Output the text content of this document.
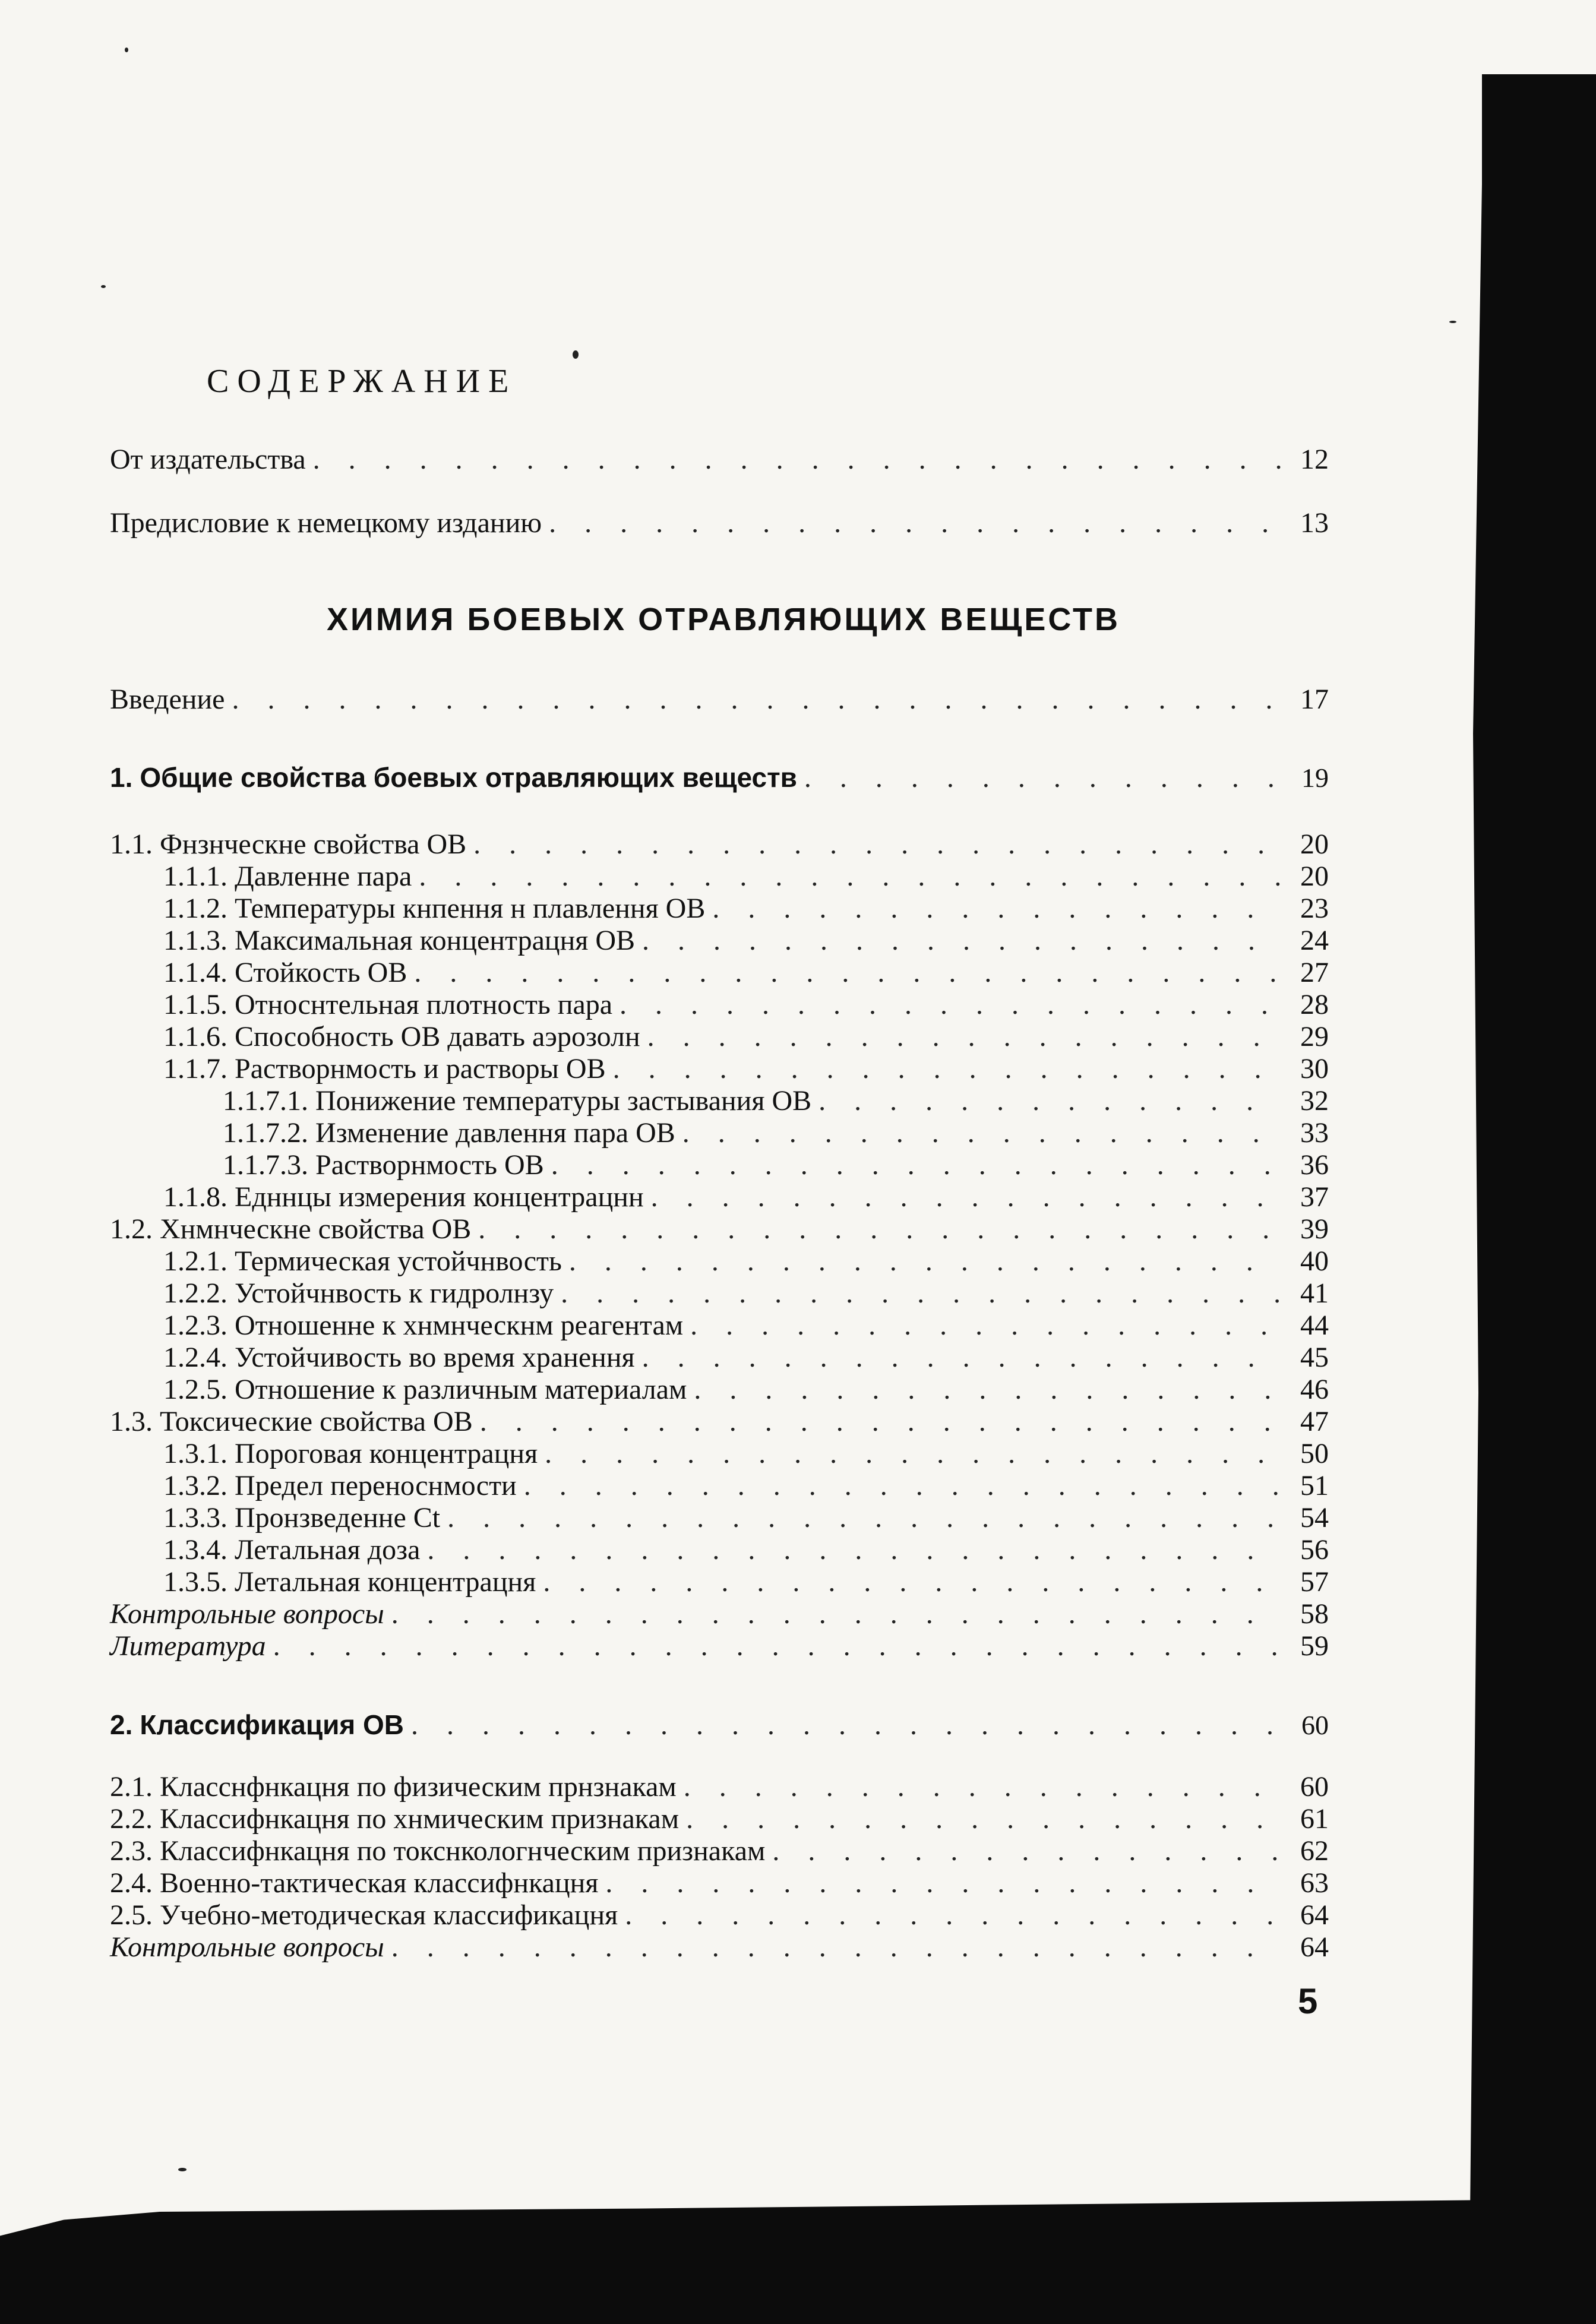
СОДЕРЖАНИЕ
ХИМИЯ БОЕВЫХ ОТРАВЛЯЮЩИХ ВЕЩЕСТВ
От издательства . . .	12
Предисловие к немецкому изданию . . .	13
Введение . . .	17
1. Общие свойства боевых отравляющих веществ . . .	19
1.1. Фнзнческне свойства ОВ . . .	20
1.1.1. Давленне пара . . .	20
1.1.2. Температуры кнпення н плавлення ОВ . . .	23
1.1.3. Максимальная концентрацня ОВ . . .	24
1.1.4. Стойкость ОВ . . .	27
1.1.5. Относнтельная плотность пара . . .	28
1.1.6. Способность ОВ давать аэрозолн . . .	29
1.1.7. Растворнмость и растворы ОВ . . .	30
1.1.7.1. Понижение температуры застывания ОВ . . .	32
1.1.7.2. Изменение давлення пара ОВ . . .	33
1.1.7.3. Растворнмость ОВ . . .	36
1.1.8. Едннцы измерения концентрацнн . . .	37
1.2. Хнмнческне свойства ОВ . . .	39
1.2.1. Термическая устойчнвость . . .	40
1.2.2. Устойчнвость к гидролнзу . . .	41
1.2.3. Отношенне к хнмнческнм реагентам . . .	44
1.2.4. Устойчивость во время хранення . . .	45
1.2.5. Отношение к различным материалам . . .	46
1.3. Токсические свойства ОВ . . .	47
1.3.1. Пороговая концентрацня . . .	50
1.3.2. Предел переноснмости . . .	51
1.3.3. Пронзведенне Ct . . .	54
1.3.4. Летальная доза . . .	56
1.3.5. Летальная концентрацня . . .	57
Контрольные вопросы . . .	58
Литература . . .	59
2. Классификация ОВ . . .	60
2.1. Класснфнкацня по физическим прнзнакам . . .	60
2.2. Классифнкацня по хнмическим признакам . . .	61
2.3. Классифнкацня по токснкологнческим признакам . . .	62
2.4. Военно-тактическая классифнкацня . . .	63
2.5. Учебно-методическая классификацня . . .	64
Контрольные вопросы . . .	64
5
